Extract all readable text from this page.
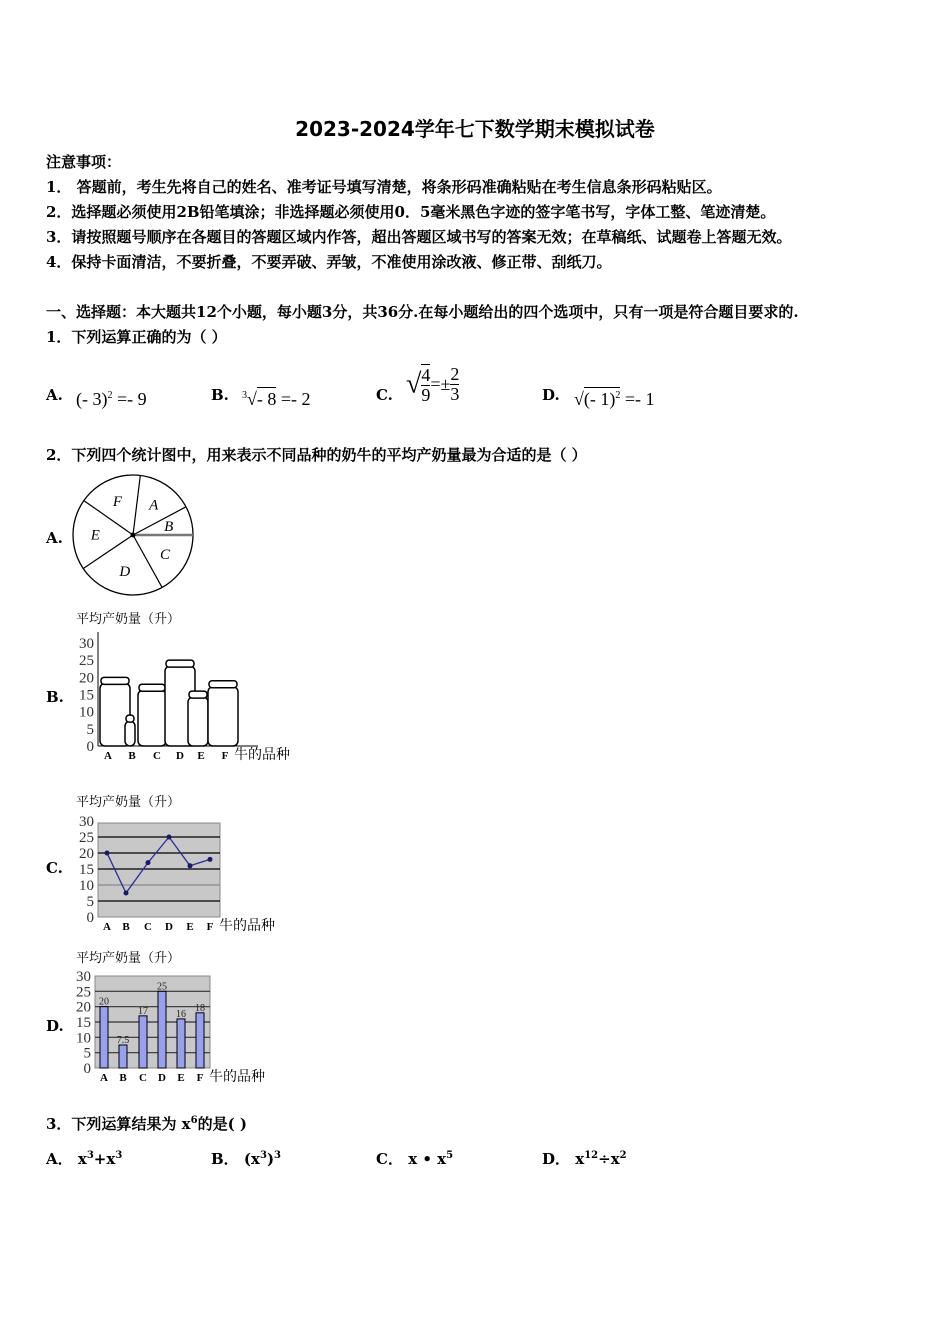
2023-2024学年七下数学期末模拟试卷
注意事项：
1． 答题前，考生先将自己的姓名、准考证号填写清楚，将条形码准确粘贴在考生信息条形码粘贴区。
2．选择题必须使用2B铅笔填涂；非选择题必须使用0．5毫米黑色字迹的签字笔书写，字体工整、笔迹清楚。
3．请按照题号顺序在各题目的答题区域内作答，超出答题区域书写的答案无效；在草稿纸、试题卷上答题无效。
4．保持卡面清洁，不要折叠，不要弄破、弄皱，不准使用涂改液、修正带、刮纸刀。
一、选择题：本大题共12个小题，每小题3分，共36分.在每小题给出的四个选项中，只有一项是符合题目要求的.
1．下列运算正确的为（ ）
A. (- 3)$^2$ =- 9	B. $^3$√- 8 =- 2	C. √ $\frac{4}{9} =\pm \frac{2}{3}$	D. √(- 1)$^2$ =- 1
2．下列四个统计图中，用来表示不同品种的奶牛的平均产奶量最为合适的是（ ）
A.
B.
C.
D.
A
B
C
D
E
F
平均产奶量（升）
0
5
10
15
20
25
30
A B C D E F 牛的品种
平均产奶量（升）
0
5
10
15
20
25
30
A B C D E F 牛的品种
平均产奶量（升）
0
5
10
15
20
25
30
A B C D E F 牛的品种
20
7.5
17
25
16
18
3．下列运算结果为 $x^6$的是( )
A． $x^3+x^3$	B． $(x^3)^3$	C． x • $x^5$	D． $x^{12}\div x^2$
